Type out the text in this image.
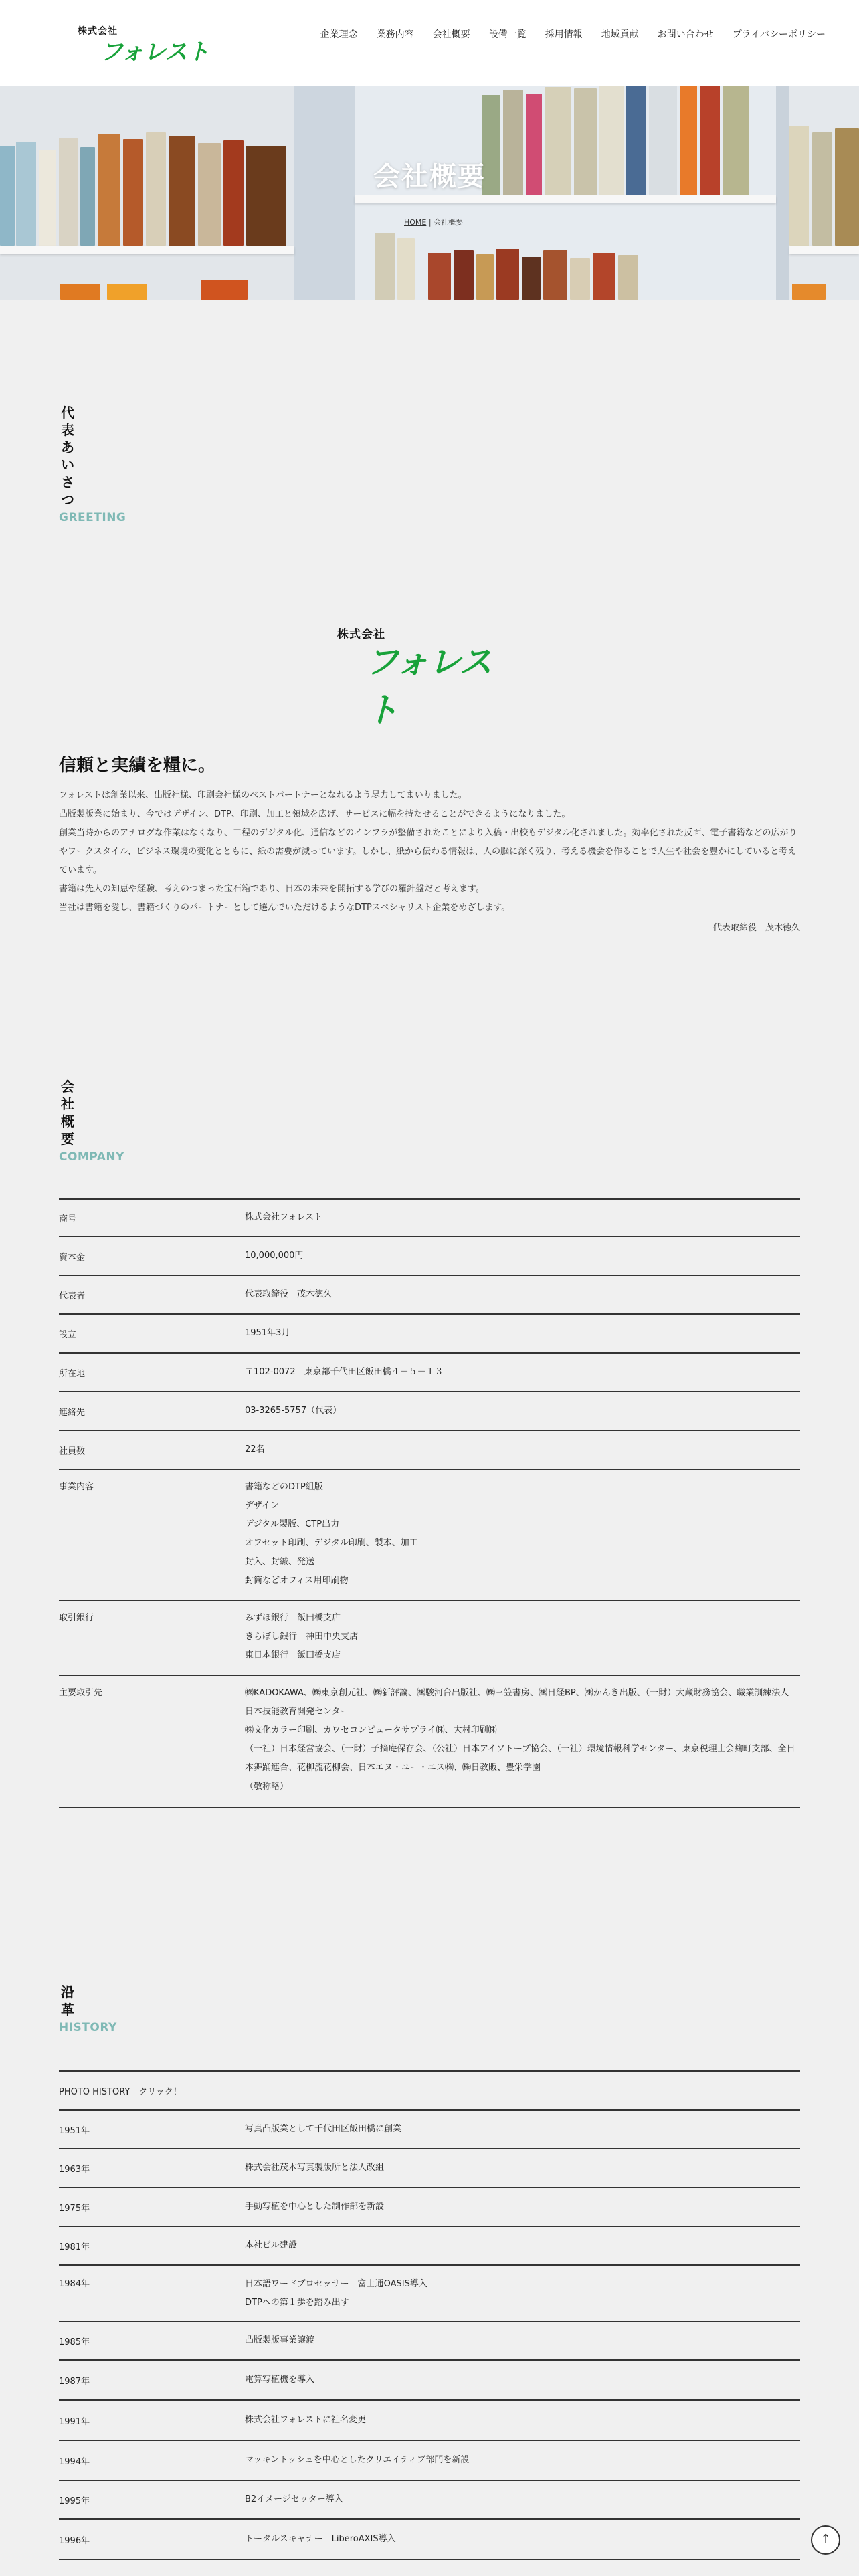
株式会社
フォレスト
企業理念	業務内容	会社概要	設備一覧	採用情報	地域貢献	お問い合わせ	プライバシーポリシー
会社概要
HOME | 会社概要
代表あいさつ
GREETING
株式会社
フォレスト
信頼と実績を糧に。

フォレストは創業以来、出版社様、印刷会社様のベストパートナーとなれるよう尽力してまいりました。

凸版製版業に始まり、今ではデザイン、DTP、印刷、加工と領域を広げ、サービスに幅を持たせることができるようになりました。

創業当時からのアナログな作業はなくなり、工程のデジタル化、通信などのインフラが整備されたことにより入稿・出校もデジタル化されました。効率化された反面、電子書籍などの広がりやワークスタイル、ビジネス環境の変化とともに、紙の需要が減っています。しかし、紙から伝わる情報は、人の脳に深く残り、考える機会を作ることで人生や社会を豊かにしていると考えています。

書籍は先人の知恵や経験、考えのつまった宝石箱であり、日本の未来を開拓する学びの羅針盤だと考えます。

当社は書籍を愛し、書籍づくりのパートナーとして選んでいただけるようなDTPスペシャリスト企業をめざします。

代表取締役　茂木徳久
会社概要
COMPANY
商号	株式会社フォレスト
資本金	10,000,000円
代表者	代表取締役　茂木徳久
設立	1951年3月
所在地	〒102-0072　東京都千代田区飯田橋４－５－１３
連絡先	03-3265-5757（代表）
社員数	22名
事業内容	書籍などのDTP組版
デザイン
デジタル製版、CTP出力
オフセット印刷、デジタル印刷、製本、加工
封入、封緘、発送
封筒などオフィス用印刷物
取引銀行	みずほ銀行　飯田橋支店
きらぼし銀行　神田中央支店
東日本銀行　飯田橋支店
主要取引先	㈱KADOKAWA、㈱東京創元社、㈱新評論、㈱駿河台出版社、㈱三笠書房、㈱日経BP、㈱かんき出版、（一財）大蔵財務協会、職業訓練法人 日本技能教育開発センター
㈱文化カラー印刷、カワセコンピュータサプライ㈱、大村印刷㈱
（一社）日本経営協会、（一財）子摘庵保存会、（公社）日本アイソトープ協会、（一社）環境情報科学センター、東京税理士会麹町支部、全日本舞踊連合、花柳流花柳会、日本エヌ・ユー・エス㈱、㈱日教販、豊栄学園
（敬称略）
沿革
HISTORY
PHOTO HISTORY　クリック！
1951年	写真凸版業として千代田区飯田橋に創業
1963年	株式会社茂木写真製版所と法人改組
1975年	手動写植を中心とした制作部を新設
1981年	本社ビル建設
1984年	日本語ワードプロセッサー　富士通OASIS導入
DTPへの第１歩を踏み出す
1985年	凸版製版事業譲渡
1987年	電算写植機を導入
1991年	株式会社フォレストに社名変更
1994年	マッキントッシュを中心としたクリエイティブ部門を新設
1995年	B2イメージセッター導入
1996年	トータルスキャナー　LiberoAXIS導入	↑
